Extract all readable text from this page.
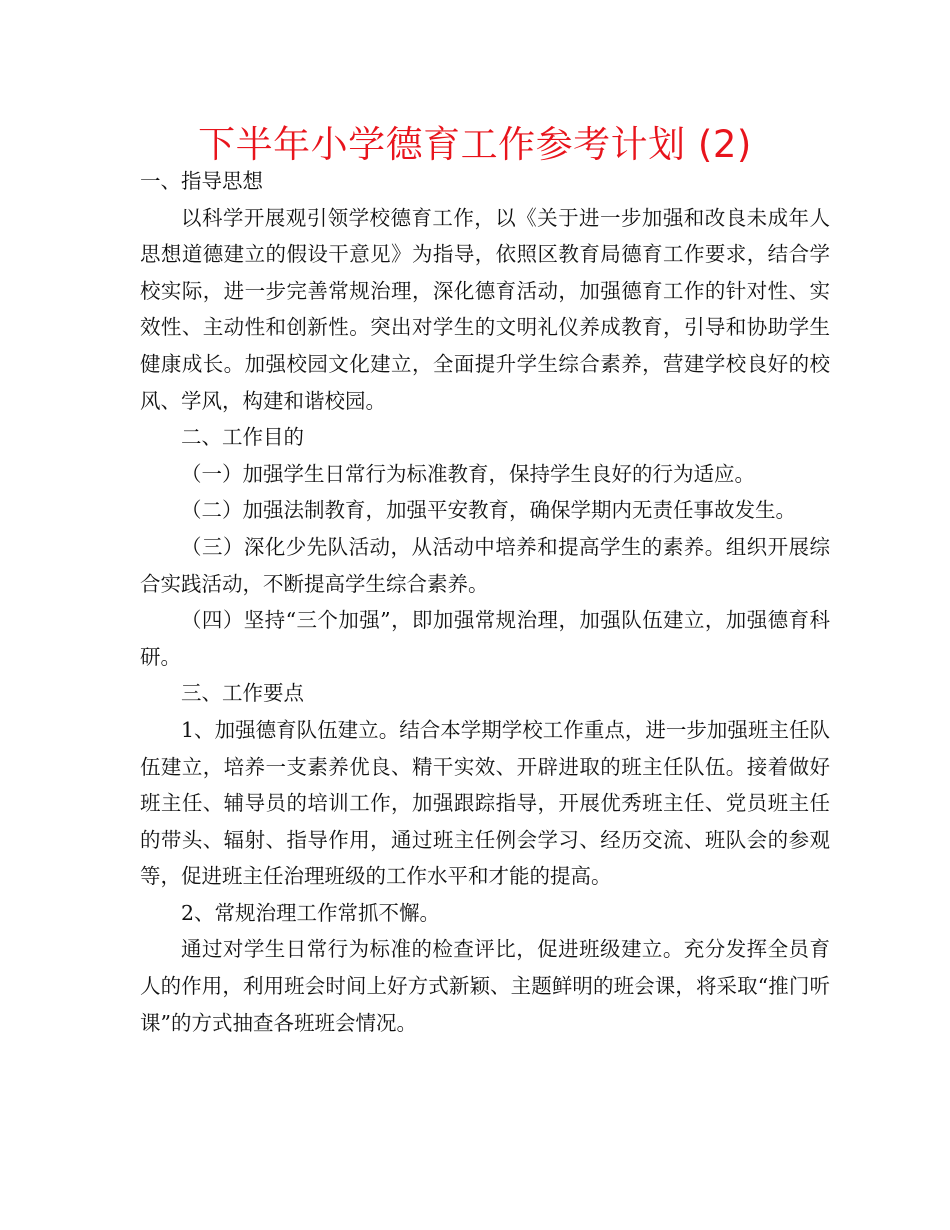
下半年小学德育工作参考计划 (2)

一、指导思想

以科学开展观引领学校德育工作，以《关于进一步加强和改良未成年人思想道德建立的假设干意见》为指导，依照区教育局德育工作要求，结合学校实际，进一步完善常规治理，深化德育活动，加强德育工作的针对性、实效性、主动性和创新性。突出对学生的文明礼仪养成教育，引导和协助学生健康成长。加强校园文化建立，全面提升学生综合素养，营建学校良好的校风、学风，构建和谐校园。

二、工作目的

（一）加强学生日常行为标准教育，保持学生良好的行为适应。

（二）加强法制教育，加强平安教育，确保学期内无责任事故发生。

（三）深化少先队活动，从活动中培养和提高学生的素养。组织开展综合实践活动，不断提高学生综合素养。

（四）坚持“三个加强”，即加强常规治理，加强队伍建立，加强德育科研。

三、工作要点

1、加强德育队伍建立。结合本学期学校工作重点，进一步加强班主任队伍建立，培养一支素养优良、精干实效、开辟进取的班主任队伍。接着做好班主任、辅导员的培训工作，加强跟踪指导，开展优秀班主任、党员班主任的带头、辐射、指导作用，通过班主任例会学习、经历交流、班队会的参观等，促进班主任治理班级的工作水平和才能的提高。

2、常规治理工作常抓不懈。

通过对学生日常行为标准的检查评比，促进班级建立。充分发挥全员育人的作用，利用班会时间上好方式新颖、主题鲜明的班会课，将采取“推门听课”的方式抽查各班班会情况。
